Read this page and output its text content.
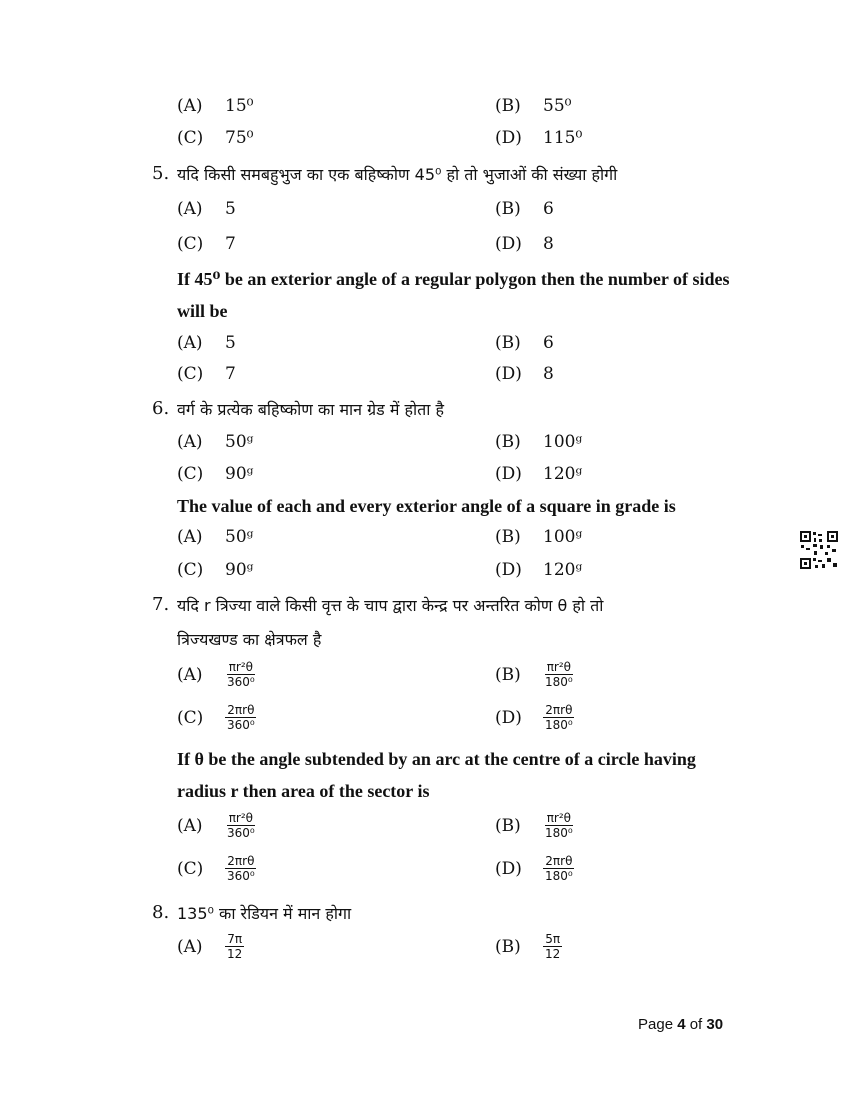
(A) 15⁰	(B) 55⁰
(C) 75⁰	(D) 115⁰
5. यदि किसी समबहुभुज का एक बहिष्कोण 45⁰ हो तो भुजाओं की संख्या होगी
(A) 5	(B) 6
(C) 7	(D) 8
If 45⁰ be an exterior angle of a regular polygon then the number of sides
will be
(A) 5	(B) 6
(C) 7	(D) 8
6. वर्ग के प्रत्येक बहिष्कोण का मान ग्रेड में होता है
(A) 50ᵍ	(B) 100ᵍ
(C) 90ᵍ	(D) 120ᵍ
The value of each and every exterior angle of a square in grade is
(A) 50ᵍ	(B) 100ᵍ
(C) 90ᵍ	(D) 120ᵍ
7. यदि r त्रिज्या वाले किसी वृत्त के चाप द्वारा केन्द्र पर अन्तरित कोण θ हो तो
त्रिज्यखण्ड का क्षेत्रफल है
$(A) \frac{\text{πr²θ}}{\text{360⁰}}$	$(B) \frac{\text{πr²θ}}{\text{180⁰}}$
$(C) \frac{\text{2πrθ}}{\text{360⁰}}$	$(D) \frac{\text{2πrθ}}{\text{180⁰}}$
If θ be the angle subtended by an arc at the centre of a circle having
radius r then area of the sector is
$(A) \frac{\text{πr²θ}}{\text{360⁰}}$	$(B) \frac{\text{πr²θ}}{\text{180⁰}}$
$(C) \frac{\text{2πrθ}}{\text{360⁰}}$	$(D) \frac{\text{2πrθ}}{\text{180⁰}}$
8. 135⁰ का रेडियन में मान होगा
$(A) \frac{7\pi}{12}$	$(B) \frac{5\pi}{12}$
Page 4 of 30
